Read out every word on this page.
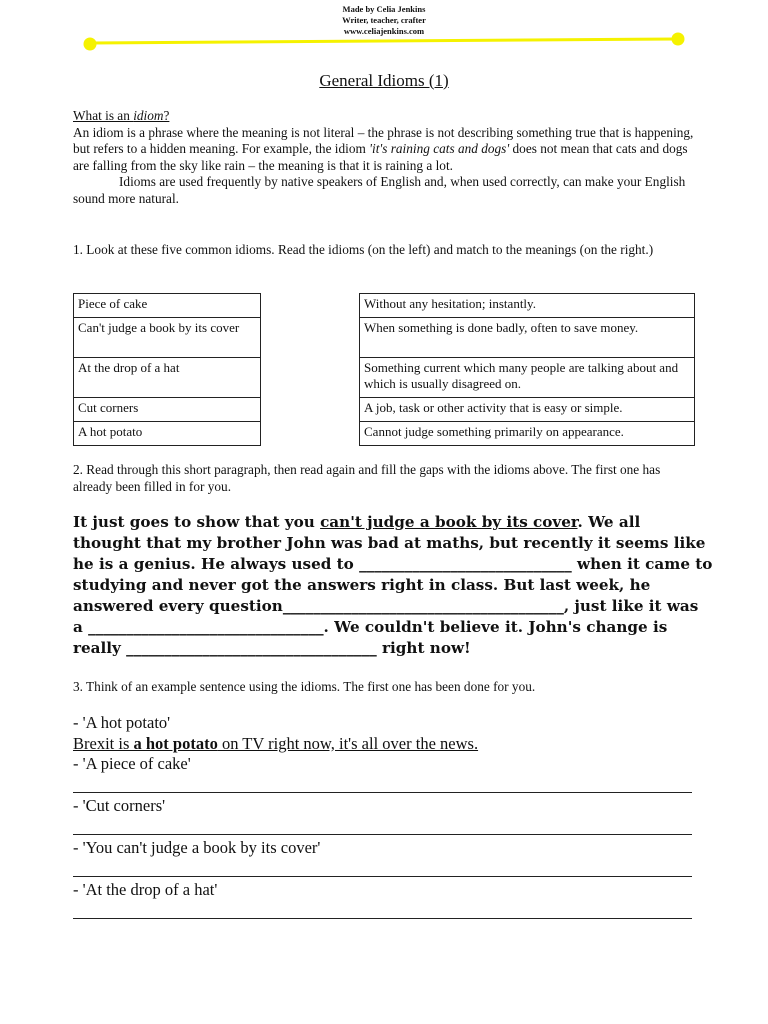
Made by Celia Jenkins
Writer, teacher, crafter
www.celiajenkins.com
General Idioms (1)
What is an idiom?
An idiom is a phrase where the meaning is not literal – the phrase is not describing something true that is happening, but refers to a hidden meaning. For example, the idiom 'it's raining cats and dogs' does not mean that cats and dogs are falling from the sky like rain – the meaning is that it is raining a lot.
Idioms are used frequently by native speakers of English and, when used correctly, can make your English sound more natural.
1. Look at these five common idioms. Read the idioms (on the left) and match to the meanings (on the right.)
Piece of cake
Can't judge a book by its cover
At the drop of a hat
Cut corners
A hot potato
Without any hesitation; instantly.
When something is done badly, often to save money.
Something current which many people are talking about and which is usually disagreed on.
A job, task or other activity that is easy or simple.
Cannot judge something primarily on appearance.
2. Read through this short paragraph, then read again and fill the gaps with the idioms above. The first one has already been filled in for you.
It just goes to show that you can't judge a book by its cover. We all thought that my brother John was bad at maths, but recently it seems like he is a genius. He always used to ____________________________ when it came to studying and never got the answers right in class. But last week, he answered every question_____________________________________, just like it was a _______________________________. We couldn't believe it. John's change is really _________________________________ right now!
3. Think of an example sentence using the idioms. The first one has been done for you.
- 'A hot potato'
Brexit is a hot potato on TV right now, it's all over the news.
- 'A piece of cake'
- 'Cut corners'
- 'You can't judge a book by its cover'
- 'At the drop of a hat'
